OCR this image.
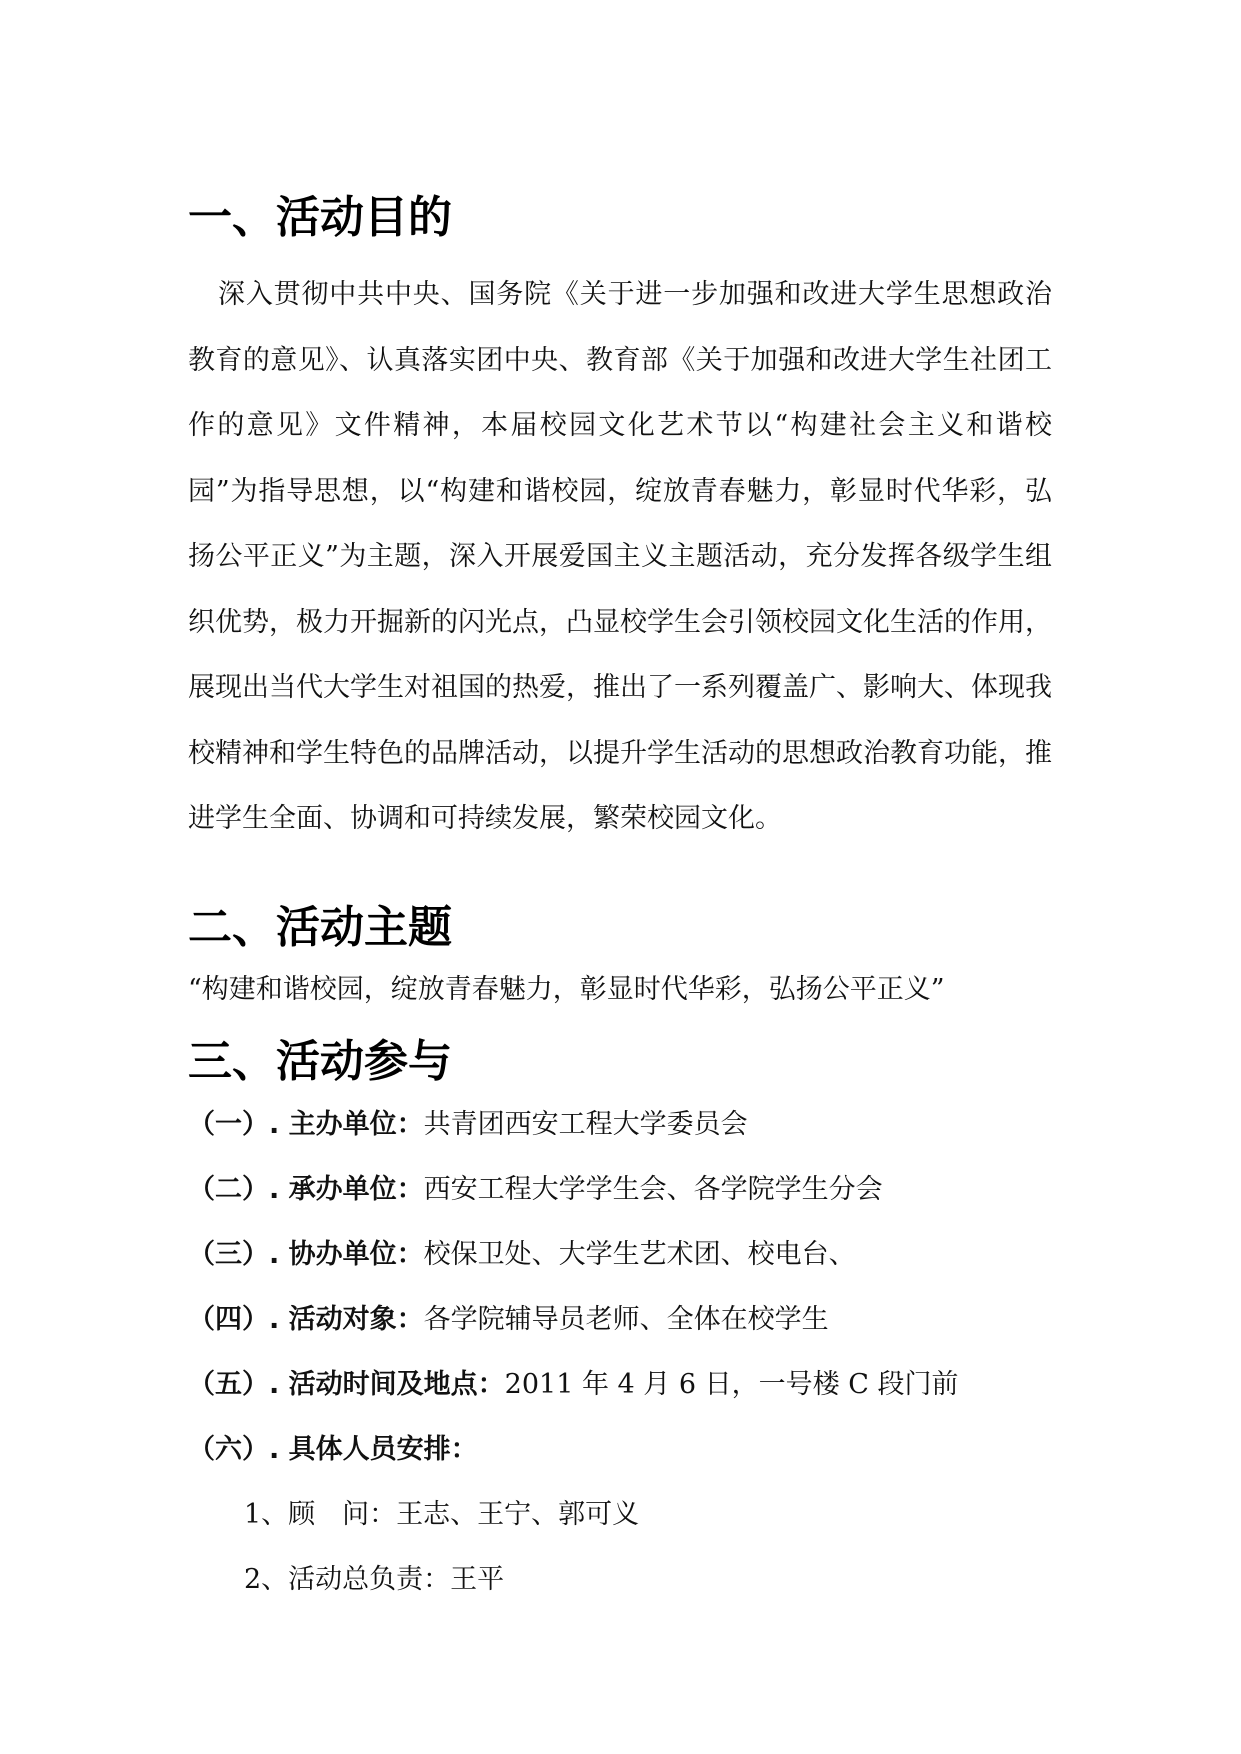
一、活动目的

深入贯彻中共中央、国务院《关于进一步加强和改进大学生思想政治教育的意见》、认真落实团中央、教育部《关于加强和改进大学生社团工作的意见》文件精神，本届校园文化艺术节以“构建社会主义和谐校园”为指导思想，以“构建和谐校园，绽放青春魅力，彰显时代华彩，弘扬公平正义”为主题，深入开展爱国主义主题活动，充分发挥各级学生组织优势，极力开掘新的闪光点，凸显校学生会引领校园文化生活的作用，展现出当代大学生对祖国的热爱，推出了一系列覆盖广、影响大、体现我校精神和学生特色的品牌活动，以提升学生活动的思想政治教育功能，推进学生全面、协调和可持续发展，繁荣校园文化。

二、活动主题

“构建和谐校园，绽放青春魅力，彰显时代华彩，弘扬公平正义”

三、活动参与

（一）. 主办单位：共青团西安工程大学委员会

（二）. 承办单位：西安工程大学学生会、各学院学生分会

（三）. 协办单位：校保卫处、大学生艺术团、校电台、

（四）. 活动对象：各学院辅导员老师、全体在校学生

（五）. 活动时间及地点：2011 年 4 月 6 日，一号楼 C 段门前

（六）. 具体人员安排：

1、顾　问：王志、王宁、郭可义

2、活动总负责：王平
